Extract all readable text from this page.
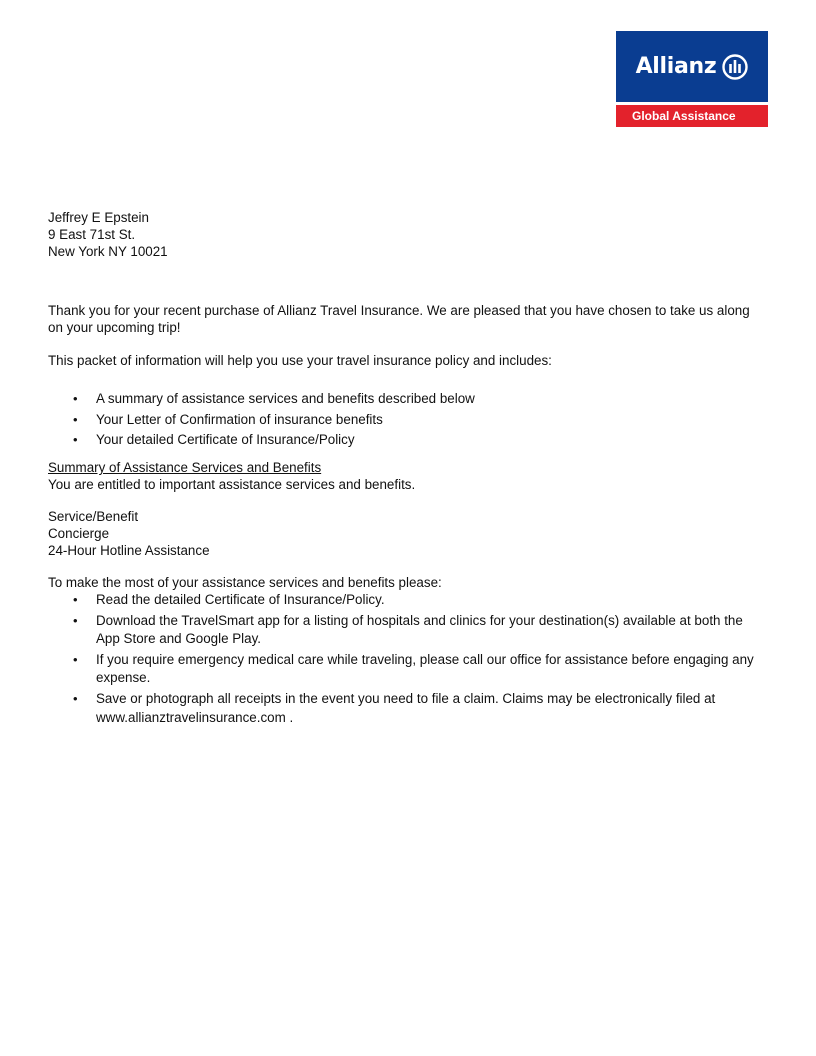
Allianz
Global Assistance
Jeffrey E Epstein
9 East 71st St.
New York NY 10021

Thank you for your recent purchase of Allianz Travel Insurance. We are pleased that you have chosen to take us along on your upcoming trip!

This packet of information will help you use your travel insurance policy and includes:

• A summary of assistance services and benefits described below
• Your Letter of Confirmation of insurance benefits
• Your detailed Certificate of Insurance/Policy
Summary of Assistance Services and Benefits
You are entitled to important assistance services and benefits.
Service/Benefit
Concierge
24-Hour Hotline Assistance
To make the most of your assistance services and benefits please:
• Read the detailed Certificate of Insurance/Policy.
• Download the TravelSmart app for a listing of hospitals and clinics for your destination(s) available at both the App Store and Google Play.
• If you require emergency medical care while traveling, please call our office for assistance before engaging any expense.
• Save or photograph all receipts in the event you need to file a claim. Claims may be electronically filed at www.allianztravelinsurance.com .
